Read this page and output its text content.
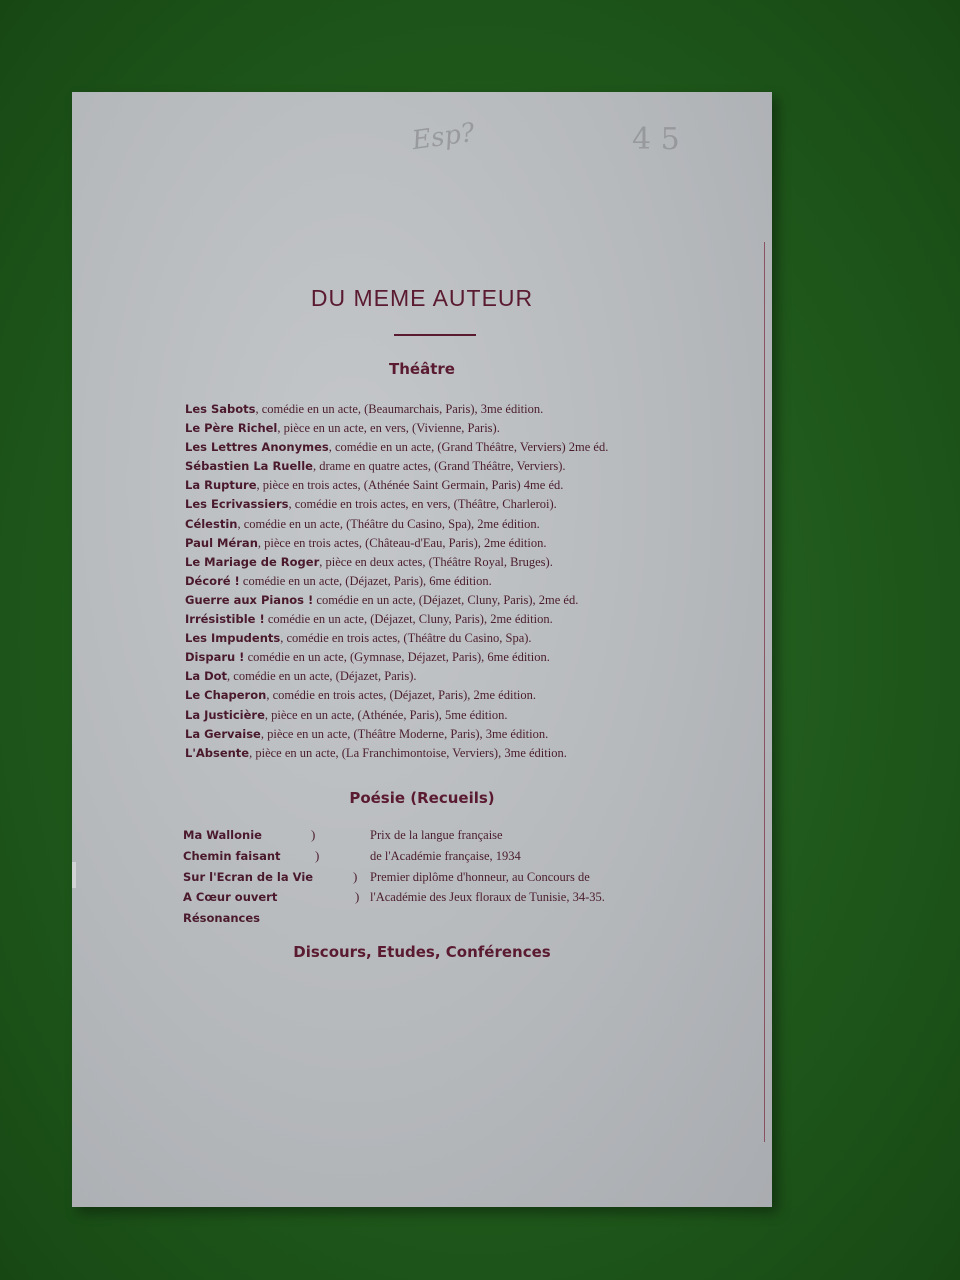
Esp?	4 5
DU MEME AUTEUR
Théâtre
Les Sabots, comédie en un acte, (Beaumarchais, Paris), 3me édition.
Le Père Richel, pièce en un acte, en vers, (Vivienne, Paris).
Les Lettres Anonymes, comédie en un acte, (Grand Théâtre, Verviers) 2me éd.
Sébastien La Ruelle, drame en quatre actes, (Grand Théâtre, Verviers).
La Rupture, pièce en trois actes, (Athénée Saint Germain, Paris) 4me éd.
Les Ecrivassiers, comédie en trois actes, en vers, (Théâtre, Charleroi).
Célestin, comédie en un acte, (Théâtre du Casino, Spa), 2me édition.
Paul Méran, pièce en trois actes, (Château-d'Eau, Paris), 2me édition.
Le Mariage de Roger, pièce en deux actes, (Théâtre Royal, Bruges).
Décoré ! comédie en un acte, (Déjazet, Paris), 6me édition.
Guerre aux Pianos ! comédie en un acte, (Déjazet, Cluny, Paris), 2me éd.
Irrésistible ! comédie en un acte, (Déjazet, Cluny, Paris), 2me édition.
Les Impudents, comédie en trois actes, (Théâtre du Casino, Spa).
Disparu ! comédie en un acte, (Gymnase, Déjazet, Paris), 6me édition.
La Dot, comédie en un acte, (Déjazet, Paris).
Le Chaperon, comédie en trois actes, (Déjazet, Paris), 2me édition.
La Justicière, pièce en un acte, (Athénée, Paris), 5me édition.
La Gervaise, pièce en un acte, (Théâtre Moderne, Paris), 3me édition.
L'Absente, pièce en un acte, (La Franchimontoise, Verviers), 3me édition.
Poésie (Recueils)
Ma Wallonie
Chemin faisant
Sur l'Ecran de la Vie
A Cœur ouvert
Résonances
)
)
)
)
Prix de la langue française
de l'Académie française, 1934
Premier diplôme d'honneur, au Concours de
l'Académie des Jeux floraux de Tunisie, 34-35.
Discours, Etudes, Conférences
